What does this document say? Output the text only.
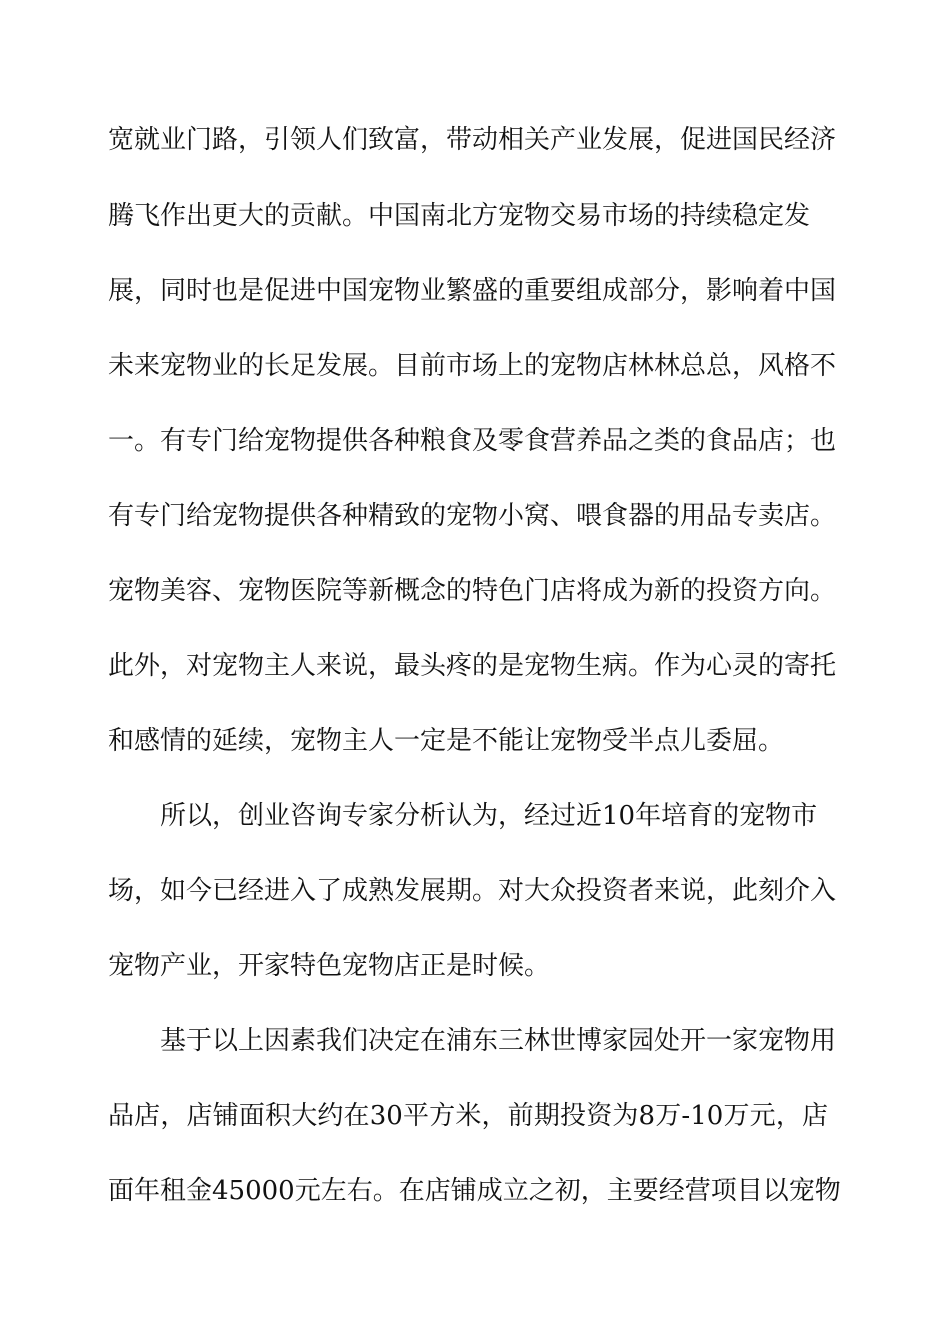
宽就业门路，引领人们致富，带动相关产业发展，促进国民经济
腾飞作出更大的贡献。中国南北方宠物交易市场的持续稳定发
展，同时也是促进中国宠物业繁盛的重要组成部分，影响着中国
未来宠物业的长足发展。目前市场上的宠物店林林总总，风格不
一。有专门给宠物提供各种粮食及零食营养品之类的食品店；也
有专门给宠物提供各种精致的宠物小窝、喂食器的用品专卖店。
宠物美容、宠物医院等新概念的特色门店将成为新的投资方向。
此外，对宠物主人来说，最头疼的是宠物生病。作为心灵的寄托
和感情的延续，宠物主人一定是不能让宠物受半点儿委屈。
所以，创业咨询专家分析认为，经过近10年培育的宠物市
场，如今已经进入了成熟发展期。对大众投资者来说，此刻介入
宠物产业，开家特色宠物店正是时候。
基于以上因素我们决定在浦东三林世博家园处开一家宠物用
品店，店铺面积大约在30平方米，前期投资为8万-10万元，店
面年租金45000元左右。在店铺成立之初，主要经营项目以宠物
